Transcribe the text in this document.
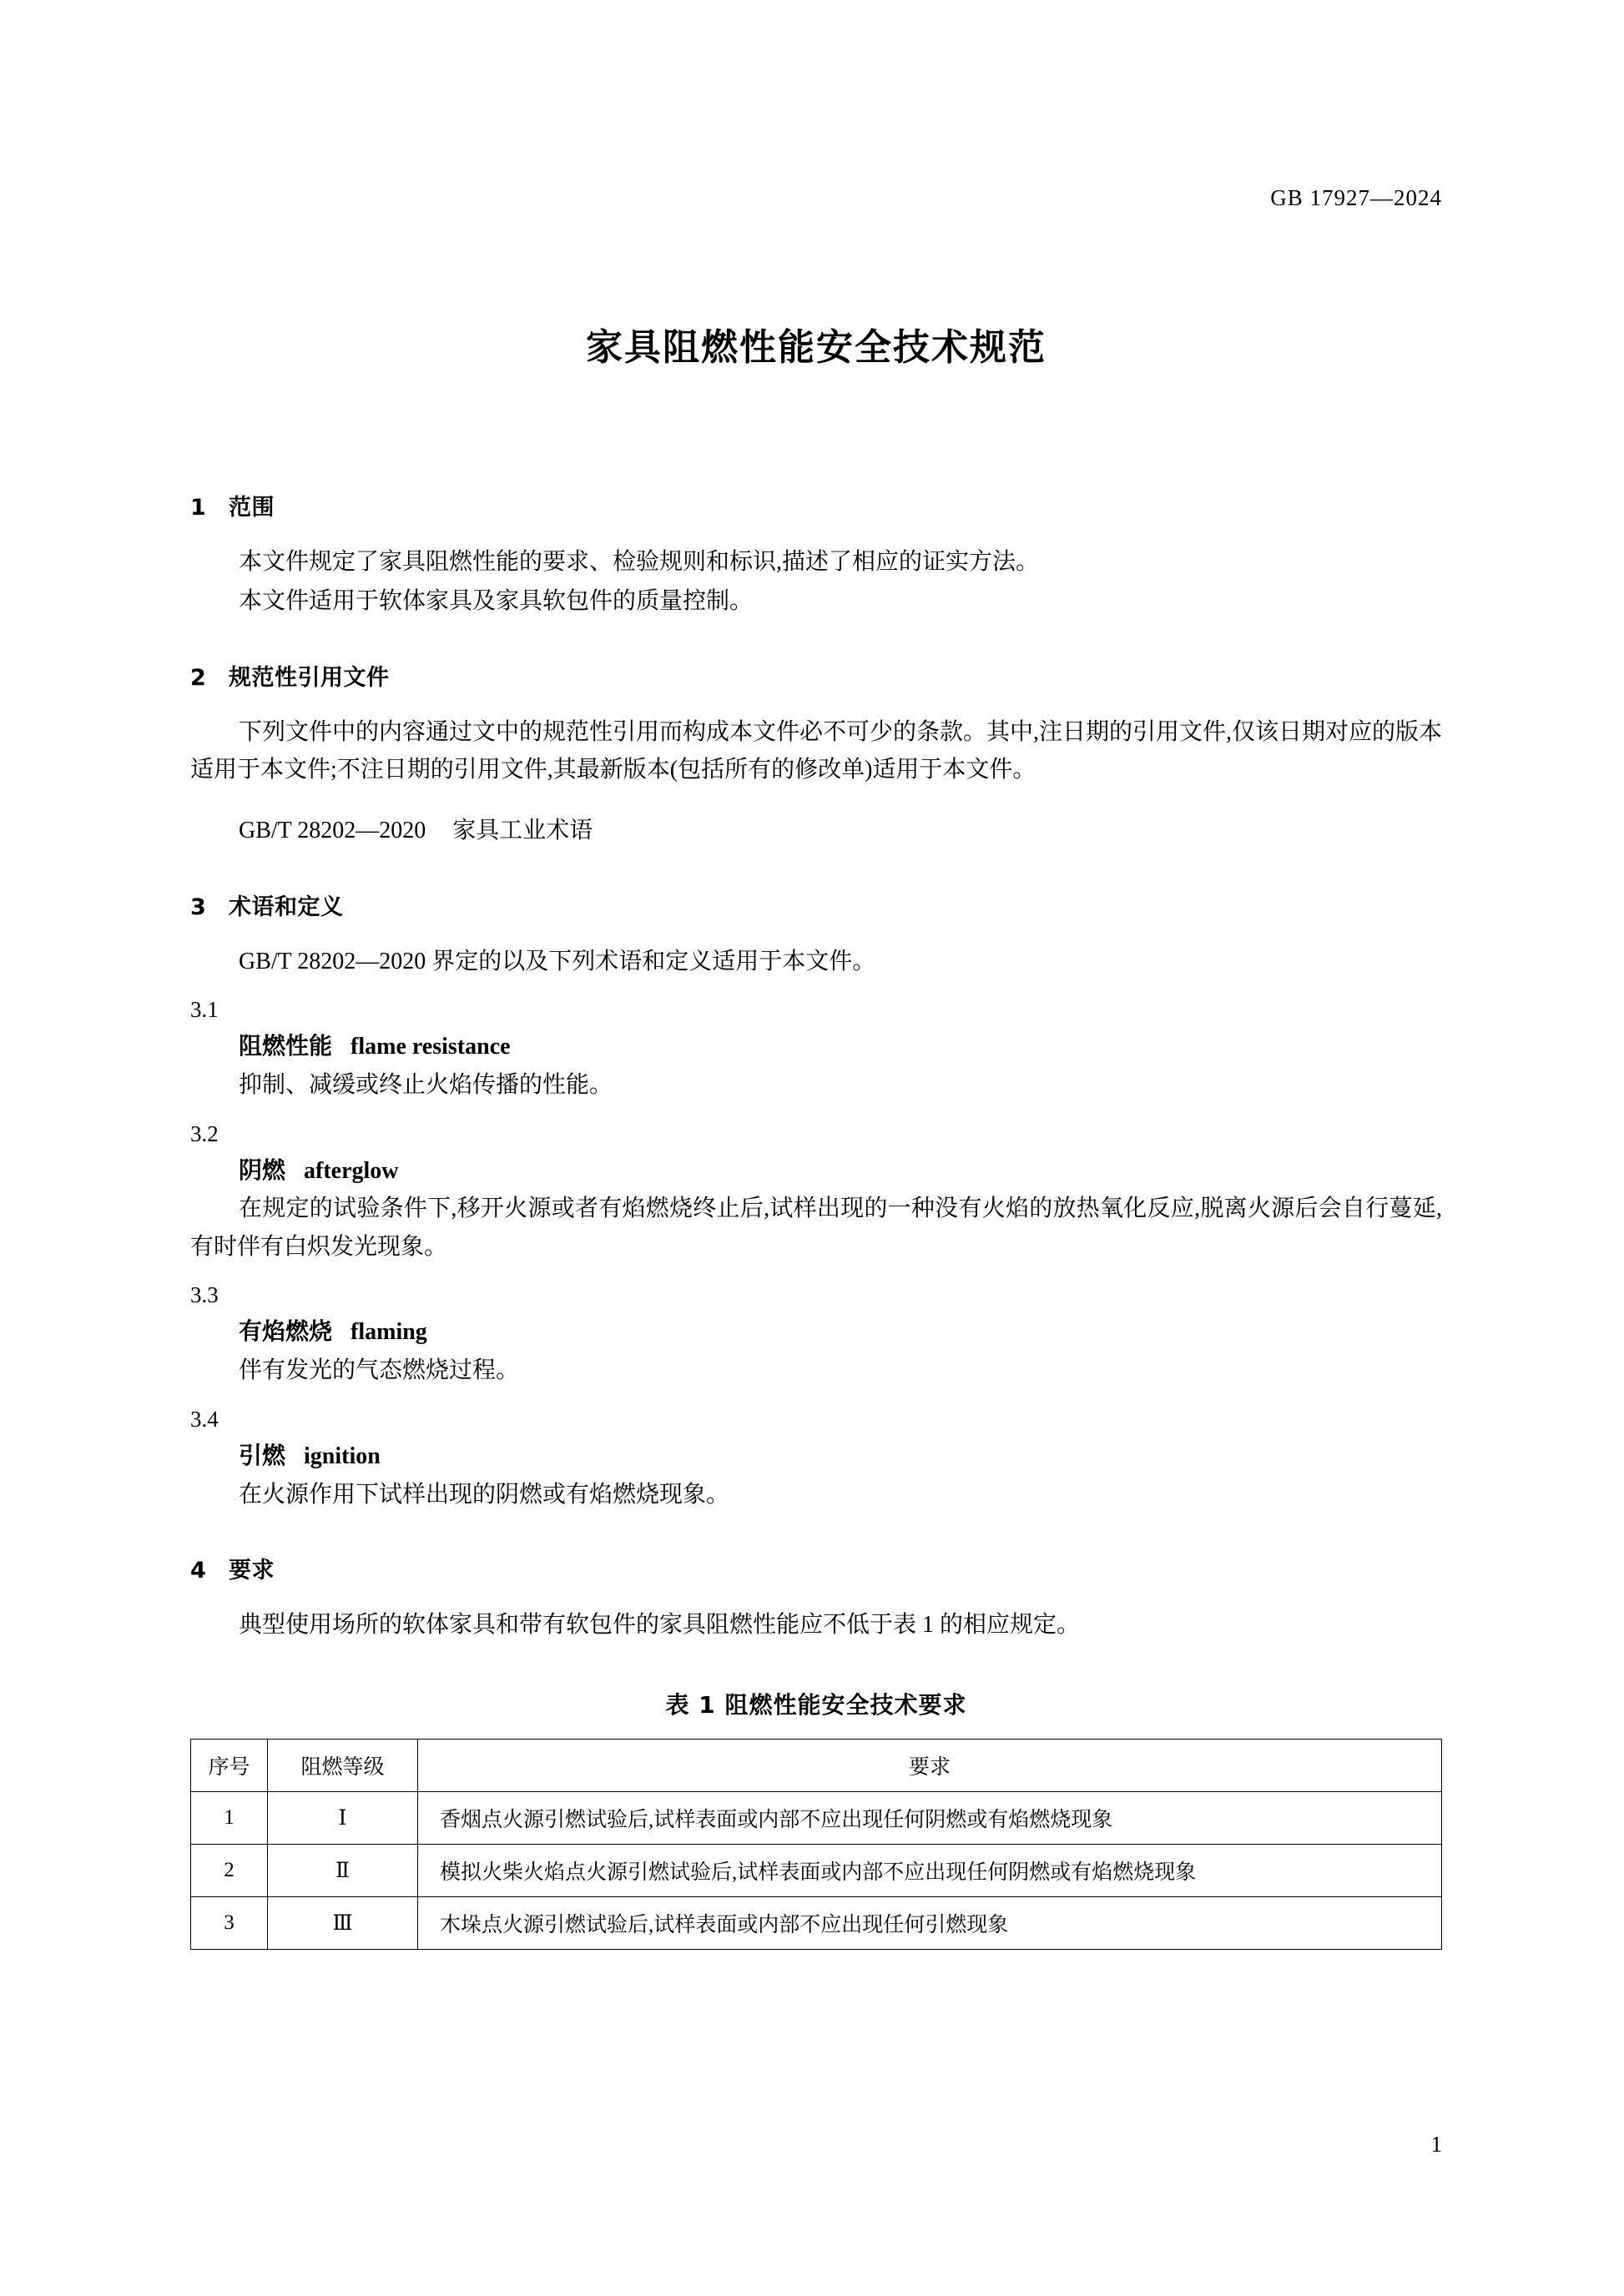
GB 17927—2024
家具阻燃性能安全技术规范
1 范围

本文件规定了家具阻燃性能的要求、检验规则和标识,描述了相应的证实方法。

本文件适用于软体家具及家具软包件的质量控制。

2 规范性引用文件

下列文件中的内容通过文中的规范性引用而构成本文件必不可少的条款。其中,注日期的引用文件,仅该日期对应的版本适用于本文件;不注日期的引用文件,其最新版本(包括所有的修改单)适用于本文件。

GB/T 28202—2020 家具工业术语

3 术语和定义

GB/T 28202—2020 界定的以及下列术语和定义适用于本文件。

3.1
阻燃性能 flame resistance
抑制、减缓或终止火焰传播的性能。
3.2
阴燃 afterglow
在规定的试验条件下,移开火源或者有焰燃烧终止后,试样出现的一种没有火焰的放热氧化反应,脱离火源后会自行蔓延,有时伴有白炽发光现象。
3.3
有焰燃烧 flaming
伴有发光的气态燃烧过程。
3.4
引燃 ignition
在火源作用下试样出现的阴燃或有焰燃烧现象。
4 要求

典型使用场所的软体家具和带有软包件的家具阻燃性能应不低于表 1 的相应规定。

表 1 阻燃性能安全技术要求
序号	阻燃等级	要求
1	Ⅰ	香烟点火源引燃试验后,试样表面或内部不应出现任何阴燃或有焰燃烧现象
2	Ⅱ	模拟火柴火焰点火源引燃试验后,试样表面或内部不应出现任何阴燃或有焰燃烧现象
3	Ⅲ	木垛点火源引燃试验后,试样表面或内部不应出现任何引燃现象
1
